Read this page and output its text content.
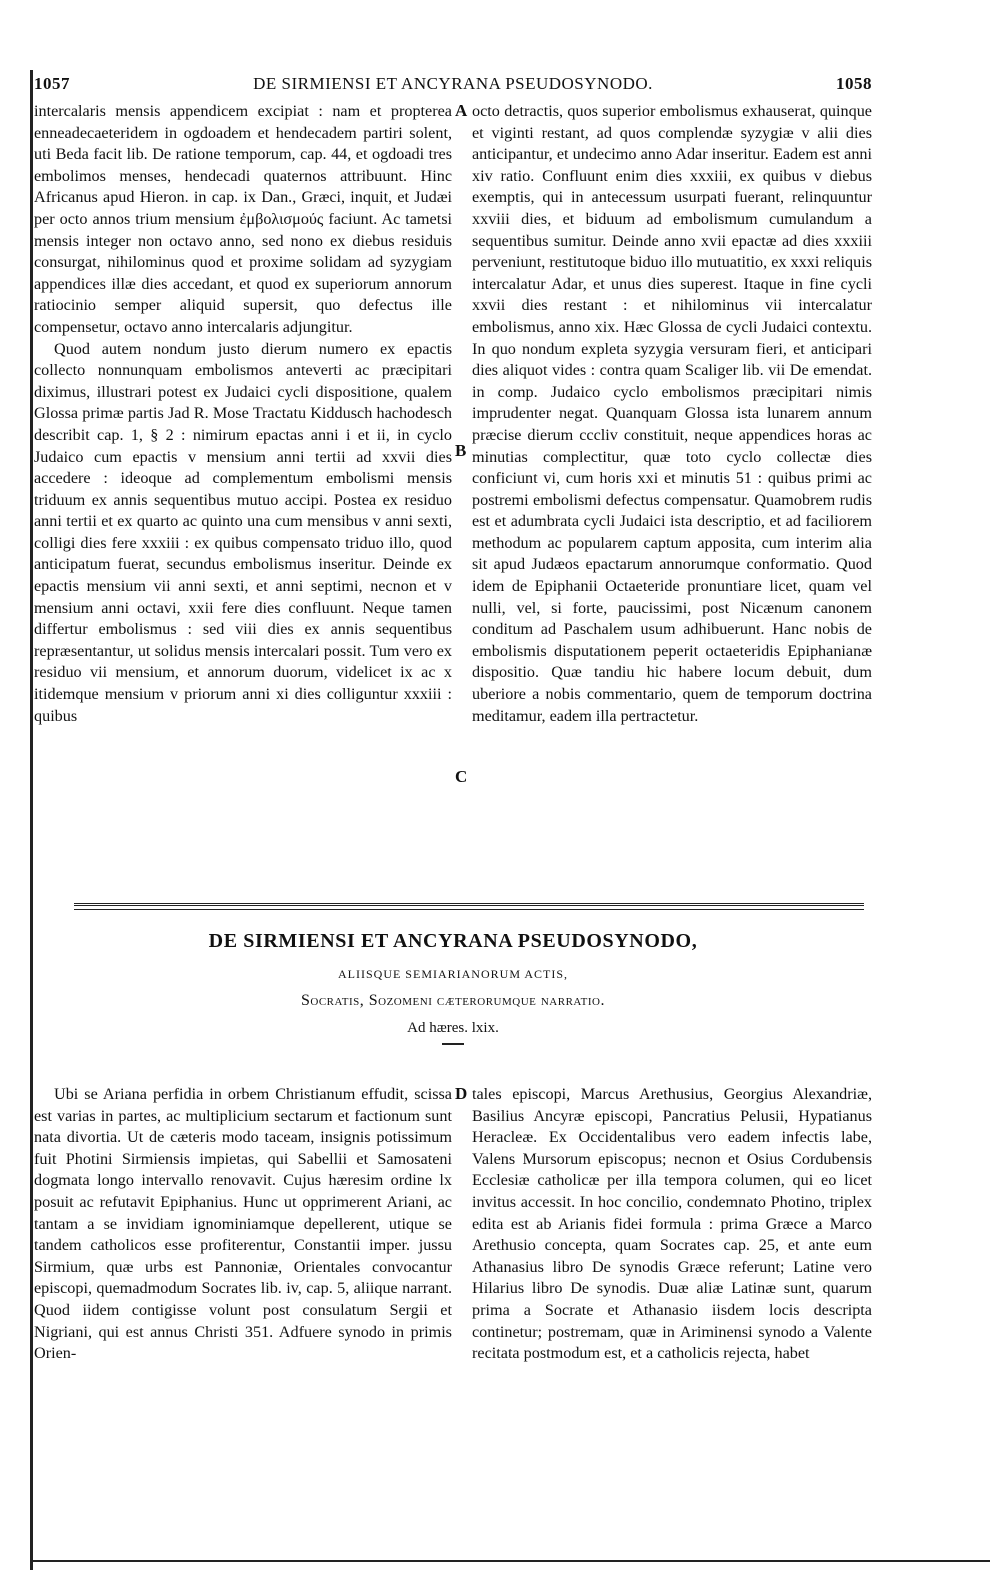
1057	DE SIRMIENSI ET ANCYRANA PSEUDOSYNODO.	1058
A
B
C
D

intercalaris mensis appendicem excipiat : nam et propterea enneadecaeteridem in ogdoadem et hendecadem partiri solent, uti Beda facit lib. De ratione temporum, cap. 44, et ogdoadi tres embolimos menses, hendecadi quaternos attribuunt. Hinc Africanus apud Hieron. in cap. ix Dan., Græci, inquit, et Judæi per octo annos trium mensium ἐμβολισμούς faciunt. Ac tametsi mensis integer non octavo anno, sed nono ex diebus residuis consurgat, nihilominus quod et proxime solidam ad syzygiam appendices illæ dies accedant, et quod ex superiorum annorum ratiocinio semper aliquid supersit, quo defectus ille compensetur, octavo anno intercalaris adjungitur.

Quod autem nondum justo dierum numero ex epactis collecto nonnunquam embolismos anteverti ac præcipitari diximus, illustrari potest ex Judaici cycli dispositione, qualem Glossa primæ partis Jad R. Mose Tractatu Kiddusch hachodesch describit cap. 1, § 2 : nimirum epactas anni i et ii, in cyclo Judaico cum epactis v mensium anni tertii ad xxvii dies accedere : ideoque ad complementum embolismi mensis triduum ex annis sequentibus mutuo accipi. Postea ex residuo anni tertii et ex quarto ac quinto una cum mensibus v anni sexti, colligi dies fere xxxiii : ex quibus compensato triduo illo, quod anticipatum fuerat, secundus embolismus inseritur. Deinde ex epactis mensium vii anni sexti, et anni septimi, necnon et v mensium anni octavi, xxii fere dies confluunt. Neque tamen differtur embolismus : sed viii dies ex annis sequentibus repræsentantur, ut solidus mensis intercalari possit. Tum vero ex residuo vii mensium, et annorum duorum, videlicet ix ac x itidemque mensium v priorum anni xi dies colliguntur xxxiii : quibus

octo detractis, quos superior embolismus exhauserat, quinque et viginti restant, ad quos complendæ syzygiæ v alii dies anticipantur, et undecimo anno Adar inseritur. Eadem est anni xiv ratio. Confluunt enim dies xxxiii, ex quibus v diebus exemptis, qui in antecessum usurpati fuerant, relinquuntur xxviii dies, et biduum ad embolismum cumulandum a sequentibus sumitur. Deinde anno xvii epactæ ad dies xxxiii perveniunt, restitutoque biduo illo mutuatitio, ex xxxi reliquis intercalatur Adar, et unus dies superest. Itaque in fine cycli xxvii dies restant : et nihilominus vii intercalatur embolismus, anno xix. Hæc Glossa de cycli Judaici contextu. In quo nondum expleta syzygia versuram fieri, et anticipari dies aliquot vides : contra quam Scaliger lib. vii De emendat. in comp. Judaico cyclo embolismos præcipitari nimis imprudenter negat. Quanquam Glossa ista lunarem annum præcise dierum cccliv constituit, neque appendices horas ac minutias complectitur, quæ toto cyclo collectæ dies conficiunt vi, cum horis xxi et minutis 51 : quibus primi ac postremi embolismi defectus compensatur. Quamobrem rudis est et adumbrata cycli Judaici ista descriptio, et ad faciliorem methodum ac popularem captum apposita, cum interim alia sit apud Judæos epactarum annorumque conformatio. Quod idem de Epiphanii Octaeteride pronuntiare licet, quam vel nulli, vel, si forte, paucissimi, post Nicænum canonem conditum ad Paschalem usum adhibuerunt. Hanc nobis de embolismis disputationem peperit octaeteridis Epiphanianæ dispositio. Quæ tandiu hic habere locum debuit, dum uberiore a nobis commentario, quem de temporum doctrina meditamur, eadem illa pertractetur.

DE SIRMIENSI ET ANCYRANA PSEUDOSYNODO,
ALIISQUE SEMIARIANORUM ACTIS,
Socratis, Sozomeni cæterorumque narratio.
Ad hæres. lxix.

Ubi se Ariana perfidia in orbem Christianum effudit, scissa est varias in partes, ac multiplicium sectarum et factionum sunt nata divortia. Ut de cæteris modo taceam, insignis potissimum fuit Photini Sirmiensis impietas, qui Sabellii et Samosateni dogmata longo intervallo renovavit. Cujus hæresim ordine lx posuit ac refutavit Epiphanius. Hunc ut opprimerent Ariani, ac tantam a se invidiam ignominiamque depellerent, utique se tandem catholicos esse profiterentur, Constantii imper. jussu Sirmium, quæ urbs est Pannoniæ, Orientales convocantur episcopi, quemadmodum Socrates lib. iv, cap. 5, aliique narrant. Quod iidem contigisse volunt post consulatum Sergii et Nigriani, qui est annus Christi 351. Adfuere synodo in primis Orien-

tales episcopi, Marcus Arethusius, Georgius Alexandriæ, Basilius Ancyræ episcopi, Pancratius Pelusii, Hypatianus Heracleæ. Ex Occidentalibus vero eadem infectis labe, Valens Mursorum episcopus; necnon et Osius Cordubensis Ecclesiæ catholicæ per illa tempora columen, qui eo licet invitus accessit. In hoc concilio, condemnato Photino, triplex edita est ab Arianis fidei formula : prima Græce a Marco Arethusio concepta, quam Socrates cap. 25, et ante eum Athanasius libro De synodis Græce referunt; Latine vero Hilarius libro De synodis. Duæ aliæ Latinæ sunt, quarum prima a Socrate et Athanasio iisdem locis descripta continetur; postremam, quæ in Ariminensi synodo a Valente recitata postmodum est, et a catholicis rejecta, habet
